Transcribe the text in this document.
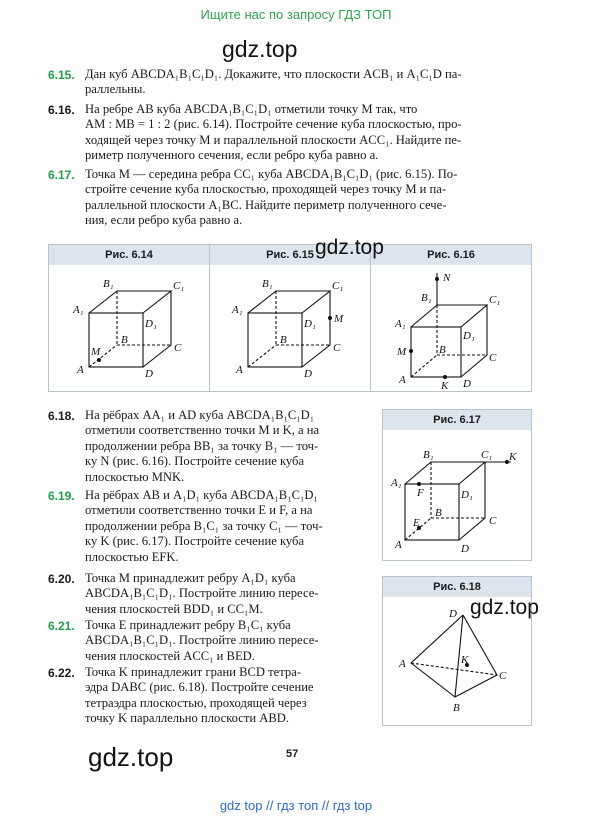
Ищите нас по запросу ГДЗ ТОП
gdz.top
6.15. Дан куб ABCDA₁B₁C₁D₁. Докажите, что плоскости ACB₁ и A₁C₁D па-
раллельны.
6.16. На ребре AB куба ABCDA₁B₁C₁D₁ отметили точку M так, что
AM : MB = 1 : 2 (рис. 6.14). Постройте сечение куба плоскостью, про-
ходящей через точку M и параллельной плоскости ACC₁. Найдите пе-
риметр полученного сечения, если ребро куба равно a.
6.17. Точка M — середина ребра CC₁ куба ABCDA₁B₁C₁D₁ (рис. 6.15). По-
стройте сечение куба плоскостью, проходящей через точку M и па-
раллельной плоскости A₁BC. Найдите периметр полученного сече-
ния, если ребро куба равно a.
Рис. 6.14
B₁	C₁
A₁
D₁
B
C
M
A	D
Рис. 6.15
B₁	C₁
A₁
D₁ M
B
C
A	D
Рис. 6.16
N
B₁	C₁
A₁
D₁
M	B
C
A	K D
gdz.top
6.18. На рёбрах AA₁ и AD куба ABCDA₁B₁C₁D₁
отметили соответственно точки M и K, а на
продолжении ребра BB₁ за точку B₁ — точ-
ку N (рис. 6.16). Постройте сечение куба
плоскостью MNK.
6.19. На рёбрах AB и A₁D₁ куба ABCDA₁B₁C₁D₁
отметили соответственно точки E и F, а на
продолжении ребра B₁C₁ за точку C₁ — точ-
ку K (рис. 6.17). Постройте сечение куба
плоскостью EFK.
6.20. Точка M принадлежит ребру A₁D₁ куба
ABCDA₁B₁C₁D₁. Постройте линию пересе-
чения плоскостей BDD₁ и CC₁M.
6.21. Точка E принадлежит ребру B₁C₁ куба
ABCDA₁B₁C₁D₁. Постройте линию пересе-
чения плоскостей ACC₁ и BED.
6.22. Точка K принадлежит грани BCD тетра-
эдра DABC (рис. 6.18). Постройте сечение
тетраэдра плоскостью, проходящей через
точку K параллельно плоскости ABD.
Рис. 6.17
B₁	C₁ K
A₁
F	D₁
B
E	C
A	D
Рис. 6.18
D
A	K
C
B
gdz.top
gdz.top	57
gdz top // гдз топ // гдз top
